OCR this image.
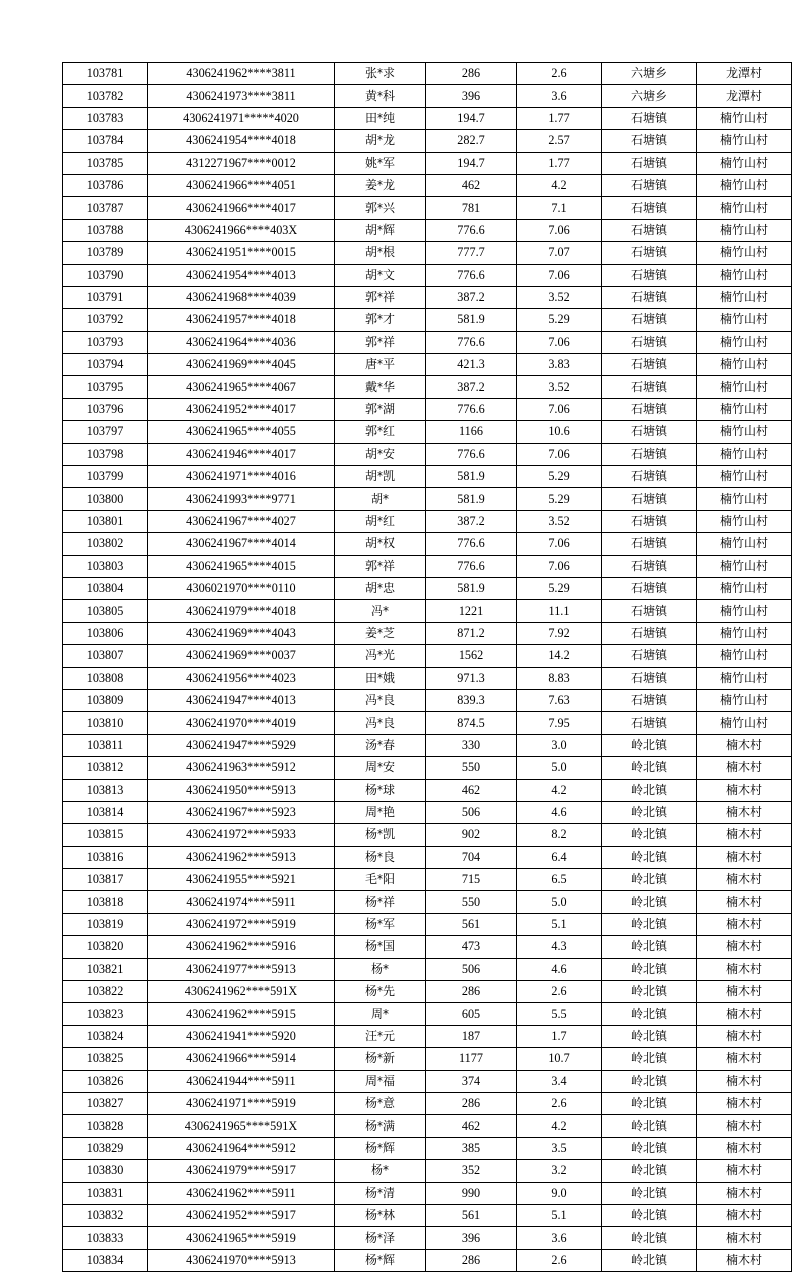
103781	4306241962****3811	张*求	286	2.6	六塘乡	龙潭村
103782	4306241973****3811	黄*科	396	3.6	六塘乡	龙潭村
103783	4306241971*****4020	田*纯	194.7	1.77	石塘镇	楠竹山村
103784	4306241954****4018	胡*龙	282.7	2.57	石塘镇	楠竹山村
103785	4312271967****0012	姚*军	194.7	1.77	石塘镇	楠竹山村
103786	4306241966****4051	姜*龙	462	4.2	石塘镇	楠竹山村
103787	4306241966****4017	郭*兴	781	7.1	石塘镇	楠竹山村
103788	4306241966****403X	胡*辉	776.6	7.06	石塘镇	楠竹山村
103789	4306241951****0015	胡*根	777.7	7.07	石塘镇	楠竹山村
103790	4306241954****4013	胡*文	776.6	7.06	石塘镇	楠竹山村
103791	4306241968****4039	郭*祥	387.2	3.52	石塘镇	楠竹山村
103792	4306241957****4018	郭*才	581.9	5.29	石塘镇	楠竹山村
103793	4306241964****4036	郭*祥	776.6	7.06	石塘镇	楠竹山村
103794	4306241969****4045	唐*平	421.3	3.83	石塘镇	楠竹山村
103795	4306241965****4067	戴*华	387.2	3.52	石塘镇	楠竹山村
103796	4306241952****4017	郭*湖	776.6	7.06	石塘镇	楠竹山村
103797	4306241965****4055	郭*红	1166	10.6	石塘镇	楠竹山村
103798	4306241946****4017	胡*安	776.6	7.06	石塘镇	楠竹山村
103799	4306241971****4016	胡*凯	581.9	5.29	石塘镇	楠竹山村
103800	4306241993****9771	胡*	581.9	5.29	石塘镇	楠竹山村
103801	4306241967****4027	胡*红	387.2	3.52	石塘镇	楠竹山村
103802	4306241967****4014	胡*权	776.6	7.06	石塘镇	楠竹山村
103803	4306241965****4015	郭*祥	776.6	7.06	石塘镇	楠竹山村
103804	4306021970****0110	胡*忠	581.9	5.29	石塘镇	楠竹山村
103805	4306241979****4018	冯*	1221	11.1	石塘镇	楠竹山村
103806	4306241969****4043	姜*芝	871.2	7.92	石塘镇	楠竹山村
103807	4306241969****0037	冯*光	1562	14.2	石塘镇	楠竹山村
103808	4306241956****4023	田*娥	971.3	8.83	石塘镇	楠竹山村
103809	4306241947****4013	冯*良	839.3	7.63	石塘镇	楠竹山村
103810	4306241970****4019	冯*良	874.5	7.95	石塘镇	楠竹山村
103811	4306241947****5929	汤*春	330	3.0	岭北镇	楠木村
103812	4306241963****5912	周*安	550	5.0	岭北镇	楠木村
103813	4306241950****5913	杨*球	462	4.2	岭北镇	楠木村
103814	4306241967****5923	周*艳	506	4.6	岭北镇	楠木村
103815	4306241972****5933	杨*凯	902	8.2	岭北镇	楠木村
103816	4306241962****5913	杨*良	704	6.4	岭北镇	楠木村
103817	4306241955****5921	毛*阳	715	6.5	岭北镇	楠木村
103818	4306241974****5911	杨*祥	550	5.0	岭北镇	楠木村
103819	4306241972****5919	杨*军	561	5.1	岭北镇	楠木村
103820	4306241962****5916	杨*国	473	4.3	岭北镇	楠木村
103821	4306241977****5913	杨*	506	4.6	岭北镇	楠木村
103822	4306241962****591X	杨*先	286	2.6	岭北镇	楠木村
103823	4306241962****5915	周*	605	5.5	岭北镇	楠木村
103824	4306241941****5920	汪*元	187	1.7	岭北镇	楠木村
103825	4306241966****5914	杨*新	1177	10.7	岭北镇	楠木村
103826	4306241944****5911	周*福	374	3.4	岭北镇	楠木村
103827	4306241971****5919	杨*意	286	2.6	岭北镇	楠木村
103828	4306241965****591X	杨*满	462	4.2	岭北镇	楠木村
103829	4306241964****5912	杨*辉	385	3.5	岭北镇	楠木村
103830	4306241979****5917	杨*	352	3.2	岭北镇	楠木村
103831	4306241962****5911	杨*清	990	9.0	岭北镇	楠木村
103832	4306241952****5917	杨*林	561	5.1	岭北镇	楠木村
103833	4306241965****5919	杨*泽	396	3.6	岭北镇	楠木村
103834	4306241970****5913	杨*辉	286	2.6	岭北镇	楠木村
